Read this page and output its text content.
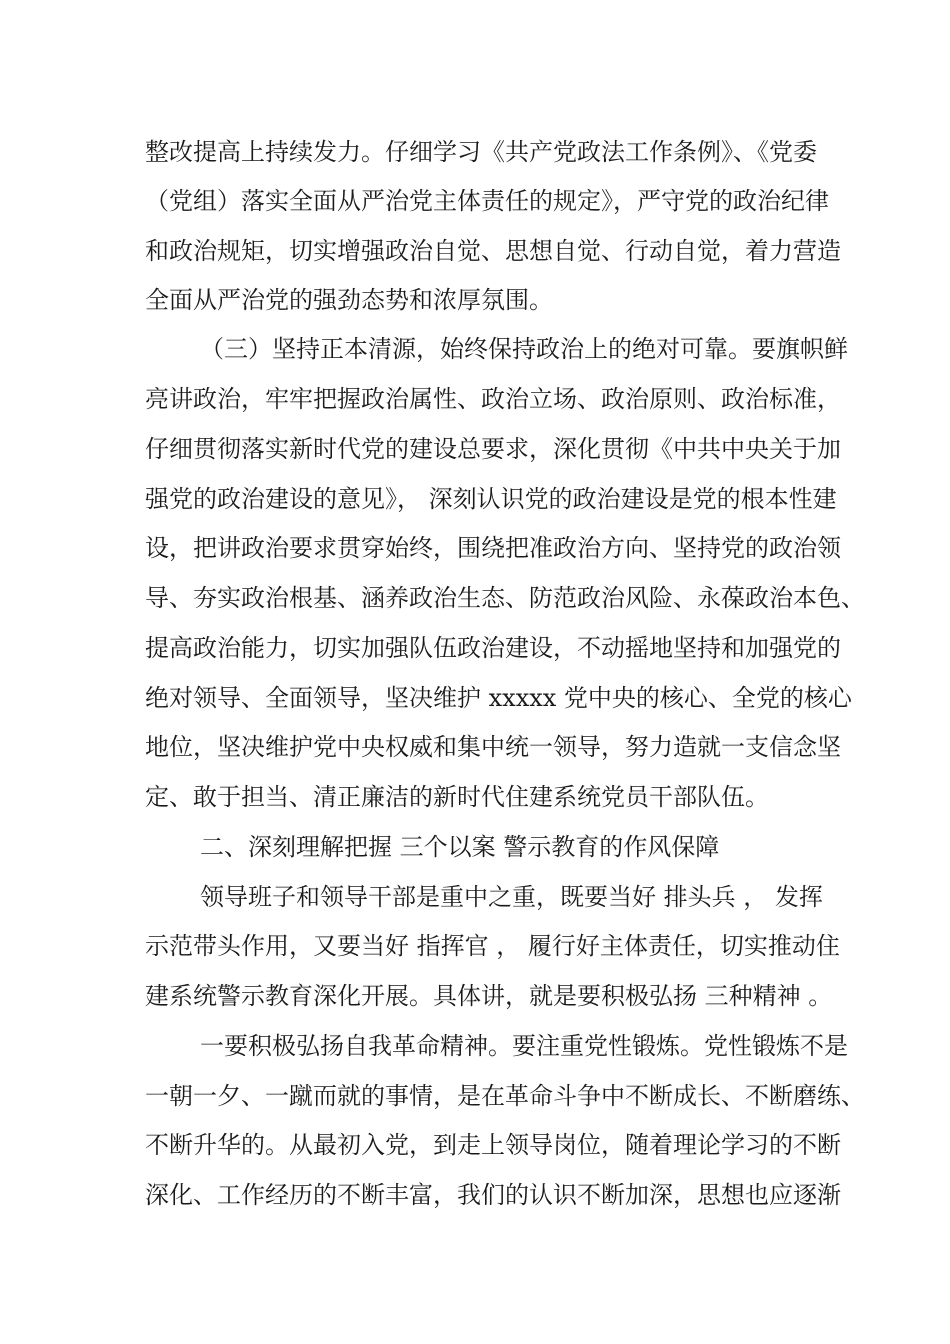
整改提高上持续发力。仔细学习《共产党政法工作条例》、《党委
（党组）落实全面从严治党主体责任的规定》，严守党的政治纪律
和政治规矩，切实增强政治自觉、思想自觉、行动自觉，着力营造
全面从严治党的强劲态势和浓厚氛围。
（三）坚持正本清源，始终保持政治上的绝对可靠。要旗帜鲜
亮讲政治，牢牢把握政治属性、政治立场、政治原则、政治标准，
仔细贯彻落实新时代党的建设总要求，深化贯彻《中共中央关于加
强党的政治建设的意见》， 深刻认识党的政治建设是党的根本性建
设，把讲政治要求贯穿始终，围绕把准政治方向、坚持党的政治领
导、夯实政治根基、涵养政治生态、防范政治风险、永葆政治本色、
提高政治能力，切实加强队伍政治建设，不动摇地坚持和加强党的
绝对领导、全面领导，坚决维护 xxxxx 党中央的核心、全党的核心
地位，坚决维护党中央权威和集中统一领导，努力造就一支信念坚
定、敢于担当、清正廉洁的新时代住建系统党员干部队伍。
二、深刻理解把握 三个以案 警示教育的作风保障
领导班子和领导干部是重中之重，既要当好 排头兵 ， 发挥
示范带头作用，又要当好 指挥官 ， 履行好主体责任，切实推动住
建系统警示教育深化开展。具体讲，就是要积极弘扬 三种精神 。
一要积极弘扬自我革命精神。要注重党性锻炼。党性锻炼不是
一朝一夕、一蹴而就的事情，是在革命斗争中不断成长、不断磨练、
不断升华的。从最初入党，到走上领导岗位，随着理论学习的不断
深化、工作经历的不断丰富，我们的认识不断加深，思想也应逐渐
